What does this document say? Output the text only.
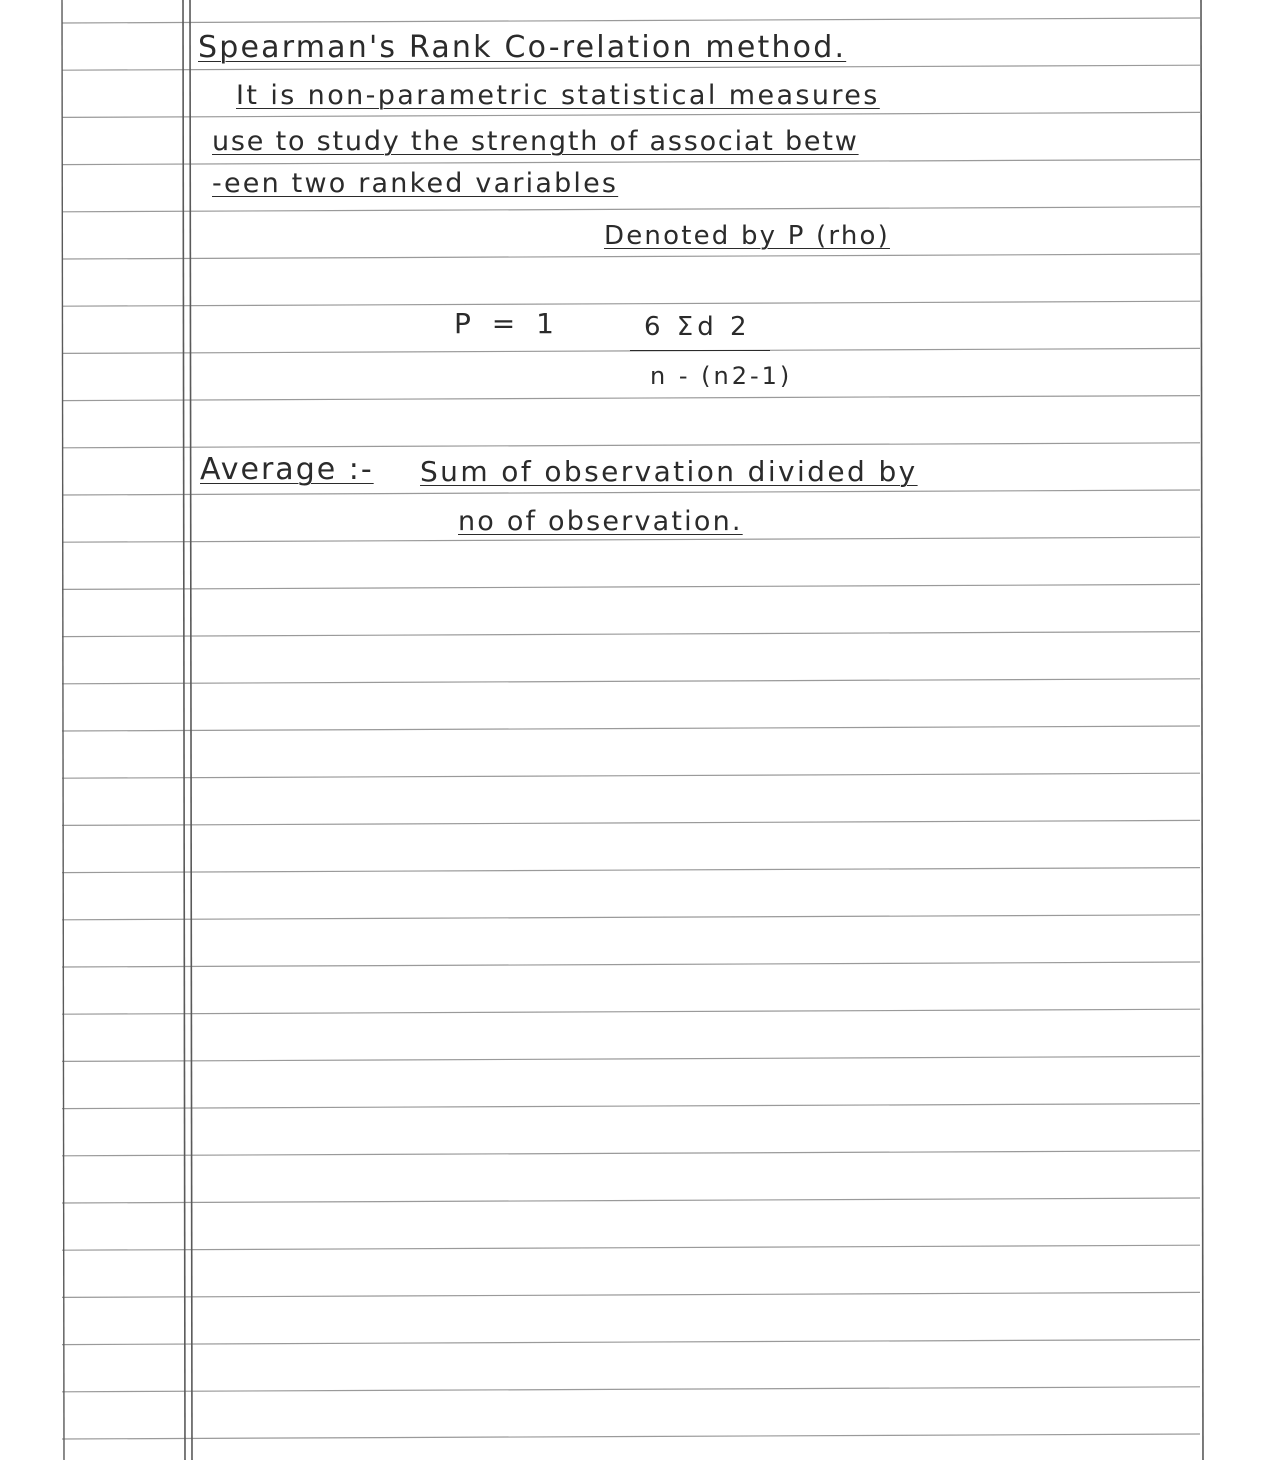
Spearman's Rank Co-relation method.
It is non-parametric statistical measures
use to study the strength of associat betw
-een two ranked variables
Denoted by P (rho)
P = 1	6 Σd 2
n - (n2-1)
Average :- Sum of observation divided by
no of observation.
